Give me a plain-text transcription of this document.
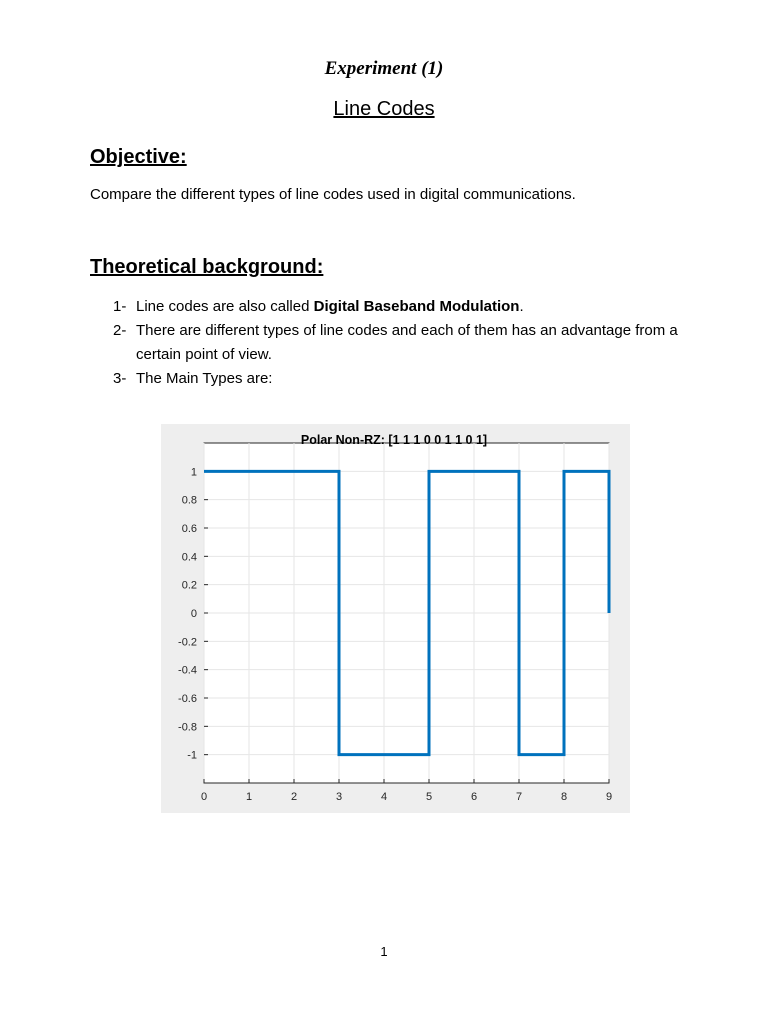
Experiment (1)
Line Codes
Objective:
Compare the different types of line codes used in digital communications.
Theoretical background:
1- Line codes are also called Digital Baseband Modulation.
2- There are different types of line codes and each of them has an advantage from a certain point of view.
3- The Main Types are:
0	1	2	3	4	5	6	7	8	9
1
0.8
0.6
0.4
0.2
0
-0.2
-0.4
-0.6
-0.8
-1
Polar Non-RZ: [1 1 1 0 0 1 1 0 1]
1
